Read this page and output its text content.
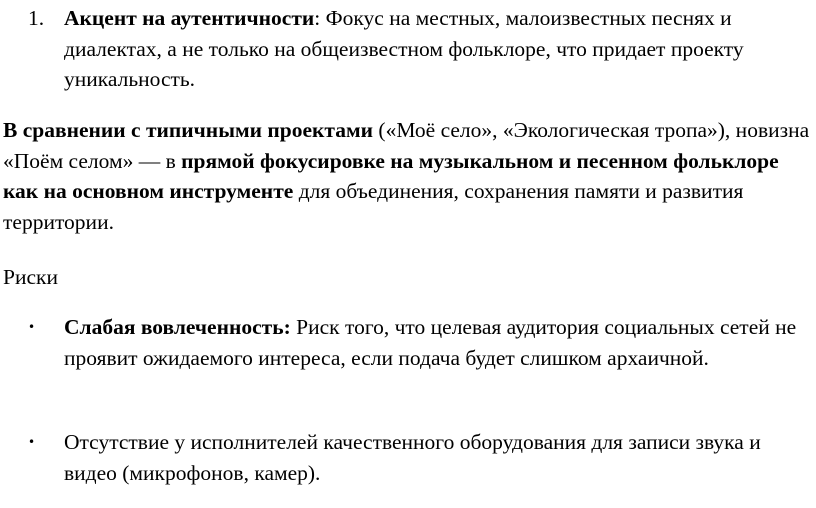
1. Акцент на аутентичности: Фокус на местных, малоизвестных песнях и диалектах, а не только на общеизвестном фольклоре, что придает проекту уникальность.
В сравнении с типичными проектами («Моё село», «Экологическая тропа»), новизна «Поём селом» — в прямой фокусировке на музыкальном и песенном фольклоре как на основном инструменте для объединения, сохранения памяти и развития территории.
Риски
•	Слабая вовлеченность: Риск того, что целевая аудитория социальных сетей не проявит ожидаемого интереса, если подача будет слишком архаичной.
•	Отсутствие у исполнителей качественного оборудования для записи звука и видео (микрофонов, камер).
